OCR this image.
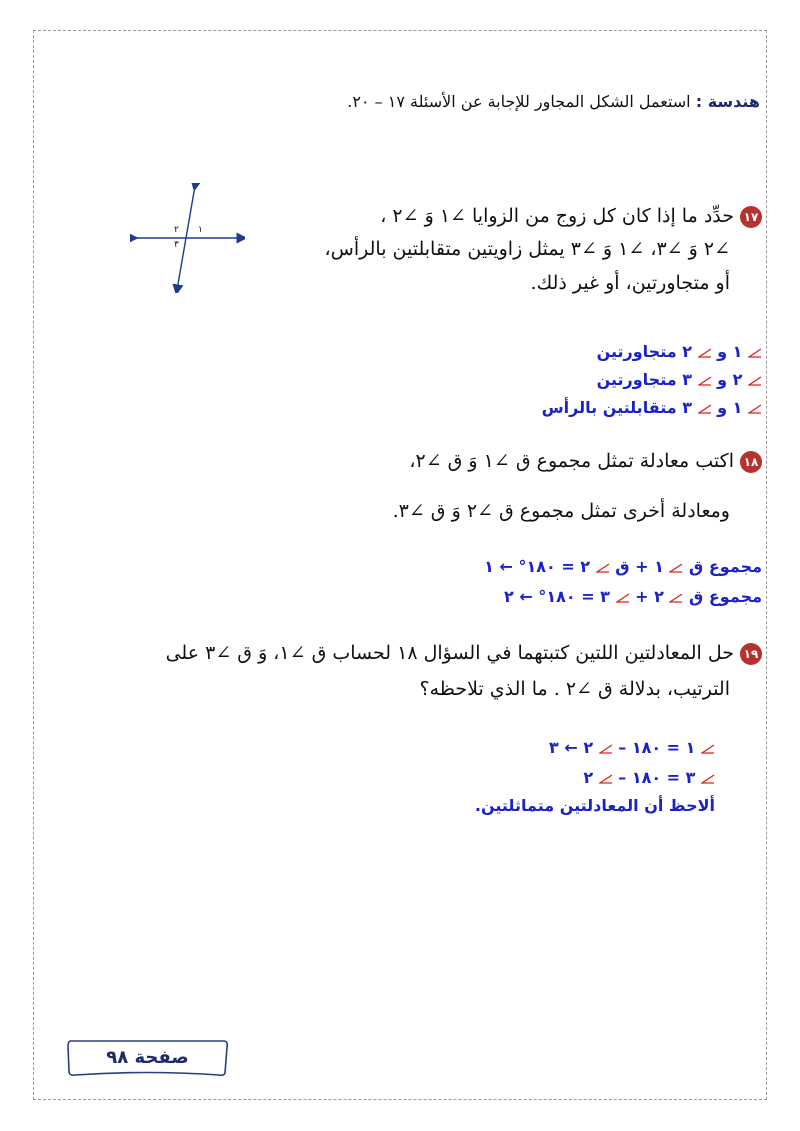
هندسة : استعمل الشكل المجاور للإجابة عن الأسئلة ١٧ – ٢٠.
٢ ١
٣
١٧حدِّد ما إذا كان كل زوج من الزوايا ∠١ وَ ∠٢ ،
∠٢ وَ ∠٣، ∠١ وَ ∠٣ يمثل زاويتين متقابلتين بالرأس،
أو متجاورتين، أو غير ذلك.
١ و
٢ متجاورتين
٢ و
٣ متجاورتين
١ و
٣ متقابلتين بالرأس
١٨اكتب معادلة تمثل مجموع ق ∠١ وَ ق ∠٢،
ومعادلة أخرى تمثل مجموع ق ∠٢ وَ ق ∠٣.
مجموع ق
١ + ق
٢ = ١٨٠° ← ١
مجموع ق
٢ +
٣ = ١٨٠° ← ٢
١٩حل المعادلتين اللتين كتبتهما في السؤال ١٨ لحساب ق ∠١، وَ ق ∠٣ على
الترتيب، بدلالة ق ∠٢ . ما الذي تلاحظه؟
١ = ١٨٠ –
٢ ← ٣
٣ = ١٨٠ –
٢
ألاحظ أن المعادلتين متماثلتين.
صفحة ٩٨
